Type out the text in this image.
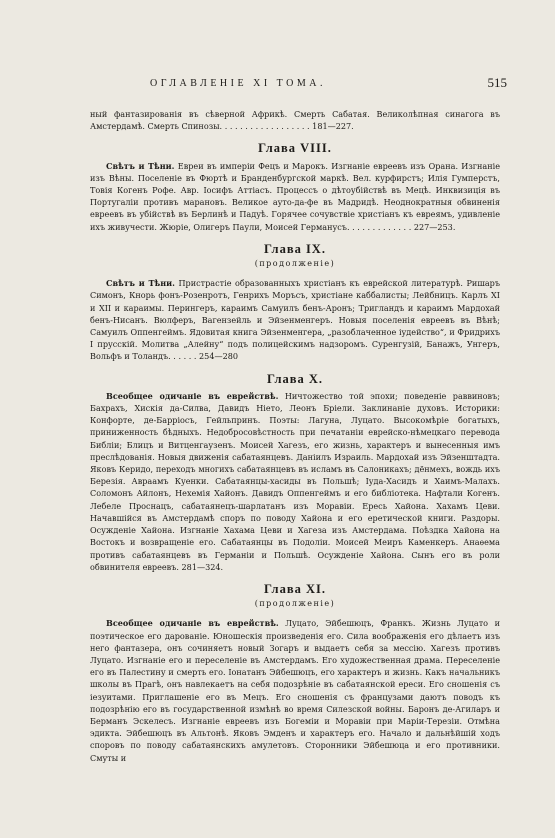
ОГЛАВЛЕНІЕ XI ТОМА.	515

ный фантазированія въ сѣверной Африкѣ. Смерть Сабатая. Великолѣпная синагога въ Амстердамѣ. Смерть Спинозы. . . . . . . . . . . . . . . . . . 181—227.

Глава VIII.

Свѣтъ и Тѣни. Евреи въ имперіи Фецъ и Марокъ. Изгнаніе евреевъ изъ Орана. Изгнаніе изъ Вѣны. Поселеніе въ Фюртѣ и Бранденбургской маркѣ. Вел. курфирстъ; Илія Гумперстъ, Товія Когенъ Рофе. Авр. Іосифъ Аттіасъ. Процессъ о дѣтоубійствѣ въ Мецѣ. Инквизиція въ Португаліи противъ марановъ. Великое ауто-да-фе въ Мадридѣ. Неоднократныя обвиненія евреевъ въ убійствѣ въ Берлинѣ и Падуѣ. Горячее сочувствіе христіанъ къ евреямъ, удивленіе ихъ живучести. Жюріе, Олигеръ Паули, Моисей Германусъ. . . . . . . . . . . . . 227—253.

Глава IX.
(продолженіе)

Свѣтъ и Тѣни. Пристрастіе образованныхъ христіанъ къ еврейской литературѣ. Ришаръ Симонъ, Кнорь фонъ-Розенротъ, Генрихъ Моръсъ, христіане каббалисты; Лейбницъ. Карлъ XI и XII и караимы. Перингеръ, караимъ Самуилъ бенъ-Аронъ; Тригландъ и караимъ Мардохай бенъ-Нисанъ. Вюлферъ, Вагензейль и Эйзенменгеръ. Новыя поселенія евреевъ въ Вѣнѣ; Самуилъ Оппенгеймъ. Ядовитая книга Эйзенменгера, „разоблаченное іудейство“, и Фридрихъ I прусскій. Молитва „Алейну“ подъ полицейскимъ надзоромъ. Суренгузій, Банажъ, Унгеръ, Вольфъ и Толандъ. . . . . . 254—280

Глава X.

Всеобщее одичаніе въ еврействѣ. Ничтожество той эпохи; поведеніе раввиновъ; Бахрахъ, Хискія да-Силва, Давидъ Ніето, Леонъ Бріели. Заклинаніе духовъ. Историки: Конфорте, де-Барріосъ, Гейльпринъ. Поэты: Лагуна, Луцато. Высокомѣріе богатыхъ, приниженность бѣдныхъ. Недобросовѣстность при печатаніи еврейско-нѣмецкаго перевода Библіи; Блицъ и Витценгаузенъ. Моисей Хагезъ, его жизнь, характеръ и вынесенныя имъ преслѣдованія. Новыя движенія сабатаянцевъ. Даніилъ Израиль. Мардохай изъ Эйзенштадта. Яковъ Керидо, переходъ многихъ сабатаянцевъ въ исламъ въ Салоникахъ; дёнмехъ, вождь ихъ Березія. Авраамъ Куенки. Сабатаянцы-хасиды въ Польшѣ; Іуда-Хасидъ и Хаимъ-Малахъ. Соломонъ Айлонъ, Нехемія Хайонъ. Давидъ Оппенгеймъ и его библіотека. Нафтали Когенъ. Лебеле Проснацъ, сабатаянецъ-шарлатанъ изъ Моравіи. Ересь Хайона. Хахамъ Цеви. Начавшійся въ Амстердамѣ споръ по поводу Хайона и его еретической книги. Раздоры. Осужденіе Хайона. Изгнаніе Хахама Цеви и Хагеза изъ Амстердама. Поѣздка Хайона на Востокъ и возвращеніе его. Сабатаянцы въ Подоліи. Моисей Меиръ Каменкеръ. Анаѳема противъ сабатаянцевъ въ Германіи и Польшѣ. Осужденіе Хайона. Сынъ его въ роли обвинителя евреевъ. 281—324.

Глава XI.
(продолженіе)

Всеобщее одичаніе въ еврействѣ. Луцато, Эйбешюцъ, Франкъ. Жизнь Луцато и поэтическое его дарованіе. Юношескія произведенія его. Сила воображенія его дѣлаетъ изъ него фантазера, онъ сочиняетъ новый Зогаръ и выдаетъ себя за мессію. Хагезъ противъ Луцато. Изгнаніе его и переселеніе въ Амстердамъ. Его художественная драма. Переселеніе его въ Палестину и смерть его. Іонатанъ Эйбешюцъ, его характеръ и жизнь. Какъ начальникъ школы въ Прагѣ, онъ навлекаетъ на себя подозрѣніе въ сабатаянской ереси. Его сношенія съ іезуитами. Приглашеніе его въ Мецъ. Его сношенія съ французами даютъ поводъ къ подозрѣнію его въ государственной измѣнѣ во время Силезской войны. Баронъ де-Агиларъ и Берманъ Эскелесъ. Изгнаніе евреевъ изъ Богеміи и Моравіи при Маріи-Терезіи. Отмѣна эдикта. Эйбешюцъ въ Альтонѣ. Яковъ Эмденъ и характеръ его. Начало и дальнѣйшій ходъ споровъ по поводу сабатаянскихъ амулетовъ. Сторонники Эйбешюца и его противники. Смуты и
